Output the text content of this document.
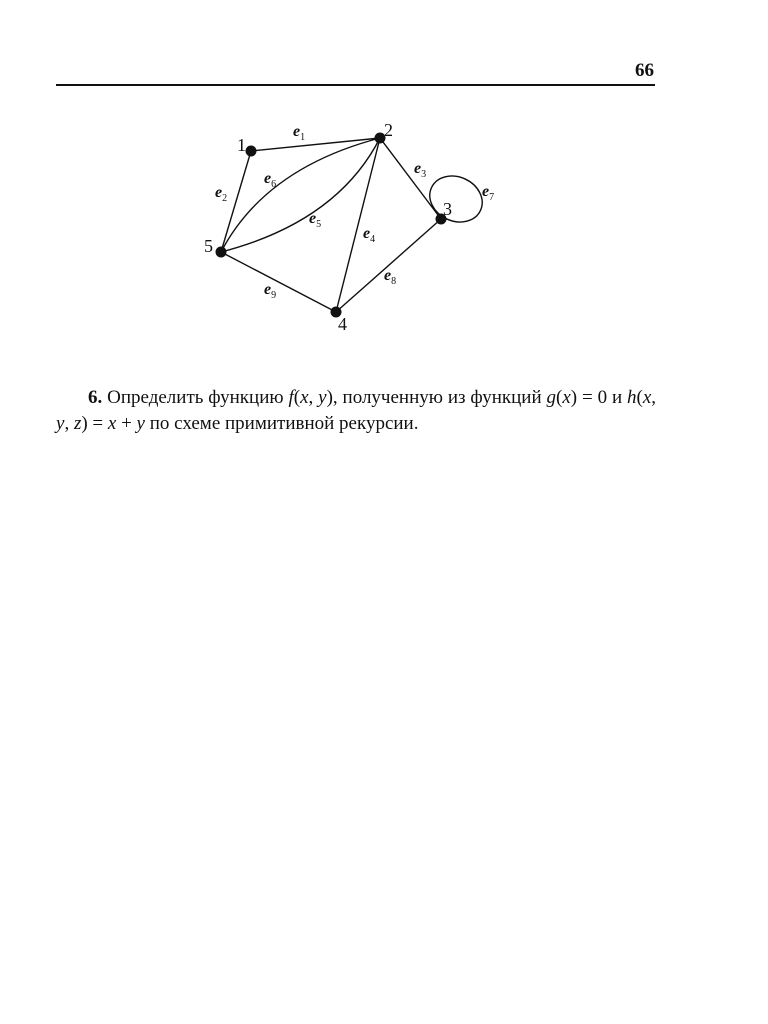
66
1
2
3
4
5
$e_1$
$e_2$
$e_3$
$e_4$
$e_5$
$e_6$	$e_7$
$e_8$
$e_9$

6. Определить функцию f(x, y), полученную из функций g(x) = 0 и h(x, y, z) = x + y по схеме примитивной рекурсии.
